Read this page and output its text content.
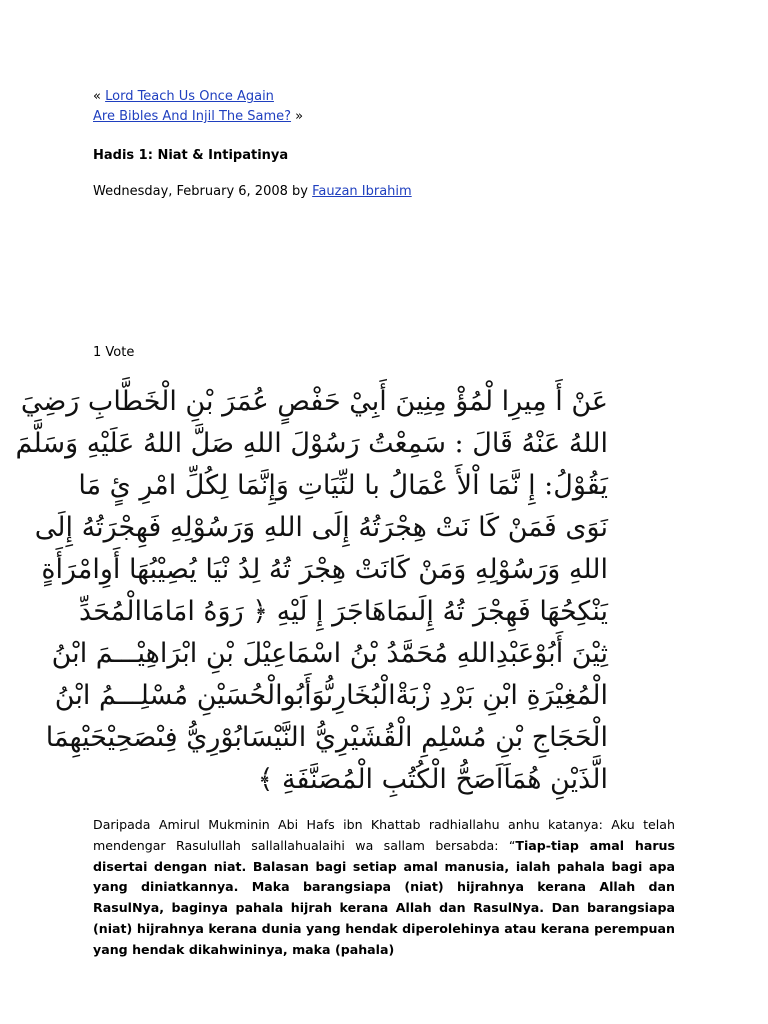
« Lord Teach Us Once Again
Are Bibles And Injil The Same? »
Hadis 1: Niat & Intipatinya
Wednesday, February 6, 2008 by Fauzan Ibrahim
1 Vote
عَنْ أَ مِيرِا لْمُؤْ مِنِينَ أَبِيْ حَفْصٍ عُمَرَ بْنِ الْخَطَّابِ رَضِيَ
اللهُ عَنْهُ قَالَ : سَمِعْتُ رَسُوْلَ اللهِ صَلَّ اللهُ عَلَيْهِ وَسَلَّمَ
يَقُوْلُ: إِ نَّمَا اْلأَ عْمَالُ با لنِّيَاتِ وَإِنَّمَا لِكُلِّ امْرِ ئٍ مَا
نَوَى فَمَنْ كَا نَتْ هِجْرَتُهُ إِلَى اللهِ وَرَسُوْلِهِ فَهِجْرَتُهُ إِلَى
اللهِ وَرَسُوْلِهِ وَمَنْ كَانَتْ هِجْرَ تُهُ لِدُ نْيَا يُصِيْبُهَا أَوِامْرَأَةٍ
يَنْكِحُهَا فَهِجْرَ تُهُ إِلَىمَاهَاجَرَ إِ لَيْهِ ﴿ رَوَهُ امَامَاالْمُحَدِّ
ثِيْنَ أَبُوْعَبْدِاللهِ مُحَمَّدُ بْنُ اسْمَاعِيْلَ بْنِ ابْرَاهِيْـــمَ ابْنُ
الْمُغِيْرَةِ ابْنِ بَرْدِ زْبَةْالْبُخَارِىُّوَأَبُوالْحُسَيْنِ مُسْلِـــمُ ابْنُ
الْحَجَاجِ بْنِ مُسْلِمِ الْقُشَيْرِيُّ النَّيْسَابُوْرِيُّ فِىْصَحِيْحَيْهِمَا
الَّذَيْنِ هُمَاَاَصَحُّ الْكُتُبِ الْمُصَنَّفَةِ ﴾
Daripada Amirul Mukminin Abi Hafs ibn Khattab radhiallahu anhu katanya: Aku telah mendengar Rasulullah sallallahualaihi wa sallam bersabda: “Tiap-tiap amal harus disertai dengan niat. Balasan bagi setiap amal manusia, ialah pahala bagi apa yang diniatkannya. Maka barangsiapa (niat) hijrahnya kerana Allah dan RasulNya, baginya pahala hijrah kerana Allah dan RasulNya. Dan barangsiapa (niat) hijrahnya kerana dunia yang hendak diperolehinya atau kerana perempuan yang hendak dikahwininya, maka (pahala)
